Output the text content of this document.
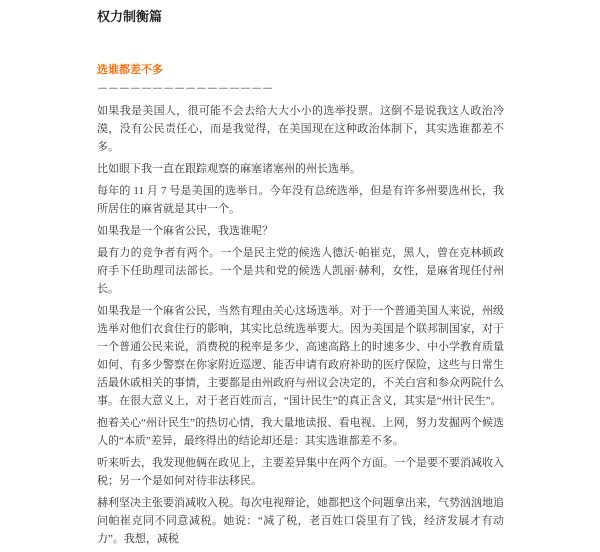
权力制衡篇
选谁都差不多
－－－－－－－－－－－－－－－－

如果我是美国人，很可能不会去给大大小小的选举投票。这倒不是说我这人政治冷漠，没有公民责任心，而是我觉得，在美国现在这种政治体制下，其实选谁都差不多。

比如眼下我一直在跟踪观察的麻塞诸塞州的州长选举。

每年的 11 月 7 号是美国的选举日。今年没有总统选举，但是有许多州要选州长，我所居住的麻省就是其中一个。

如果我是一个麻省公民，我选谁呢？

最有力的竞争者有两个。一个是民主党的候选人德沃·帕崔克，黑人，曾在克林顿政府手下任助理司法部长。一个是共和党的候选人凯丽·赫利，女性，是麻省现任付州长。

如果我是一个麻省公民，当然有理由关心这场选举。对于一个普通美国人来说，州级选举对他们衣食住行的影响，其实比总统选举要大。因为美国是个联邦制国家，对于一个普通公民来说，消费税的税率是多少、高速高路上的时速多少、中小学教育质量如何、有多少警察在你家附近巡逻、能否申请有政府补助的医疗保险，这些与日常生活最休戚相关的事情，主要都是由州政府与州议会决定的，不关白宫和参众两院什么事。在很大意义上，对于老百姓而言，“国计民生”的真正含义，其实是“州计民生”。

抱着关心“州计民生”的热切心情，我大量地读报、看电视、上网，努力发掘两个候选人的“本质”差异，最终得出的结论却还是：其实选谁都差不多。

听来听去，我发现他俩在政见上，主要差异集中在两个方面。一个是要不要消减收入税；另一个是如何对待非法移民。

赫利坚决主张要消减收入税。每次电视辩论，她都把这个问题拿出来，气势汹汹地追问帕崔克同不同意减税。她说：“减了税，老百姓口袋里有了钱，经济发展才有动力”。我想，减税
